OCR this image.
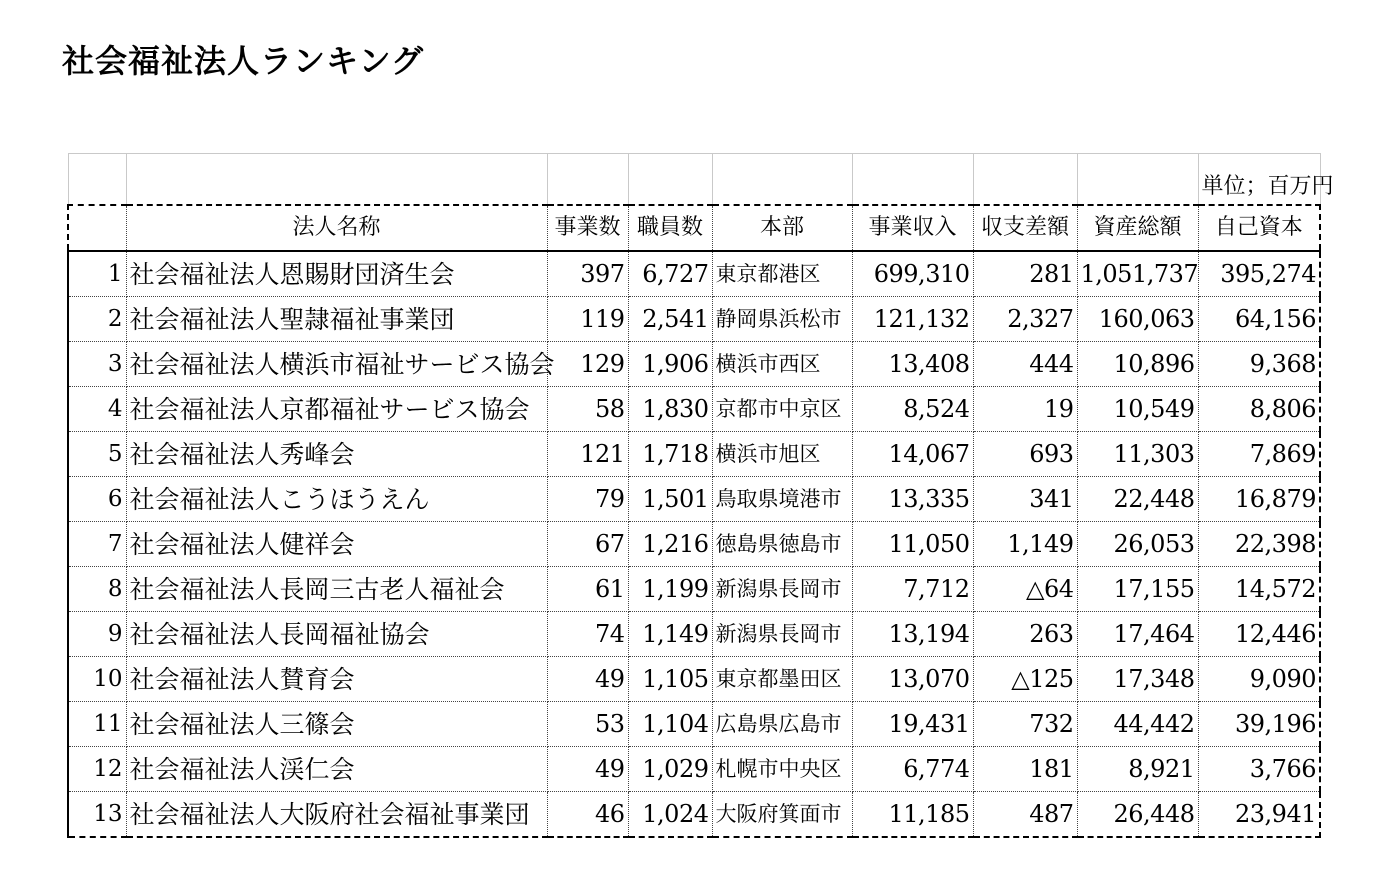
社会福祉法人ランキング
								単位；百万円
	法人名称	事業数	職員数	本部	事業収入	収支差額	資産総額	自己資本
1	社会福祉法人恩賜財団済生会	397	6,727	東京都港区	699,310	281	1,051,737	395,274
2	社会福祉法人聖隷福祉事業団	119	2,541	静岡県浜松市	121,132	2,327	160,063	64,156
3	社会福祉法人横浜市福祉サービス協会	129	1,906	横浜市西区	13,408	444	10,896	9,368
4	社会福祉法人京都福祉サービス協会	58	1,830	京都市中京区	8,524	19	10,549	8,806
5	社会福祉法人秀峰会	121	1,718	横浜市旭区	14,067	693	11,303	7,869
6	社会福祉法人こうほうえん	79	1,501	鳥取県境港市	13,335	341	22,448	16,879
7	社会福祉法人健祥会	67	1,216	徳島県徳島市	11,050	1,149	26,053	22,398
8	社会福祉法人長岡三古老人福祉会	61	1,199	新潟県長岡市	7,712	△64	17,155	14,572
9	社会福祉法人長岡福祉協会	74	1,149	新潟県長岡市	13,194	263	17,464	12,446
10	社会福祉法人賛育会	49	1,105	東京都墨田区	13,070	△125	17,348	9,090
11	社会福祉法人三篠会	53	1,104	広島県広島市	19,431	732	44,442	39,196
12	社会福祉法人渓仁会	49	1,029	札幌市中央区	6,774	181	8,921	3,766
13	社会福祉法人大阪府社会福祉事業団	46	1,024	大阪府箕面市	11,185	487	26,448	23,941
